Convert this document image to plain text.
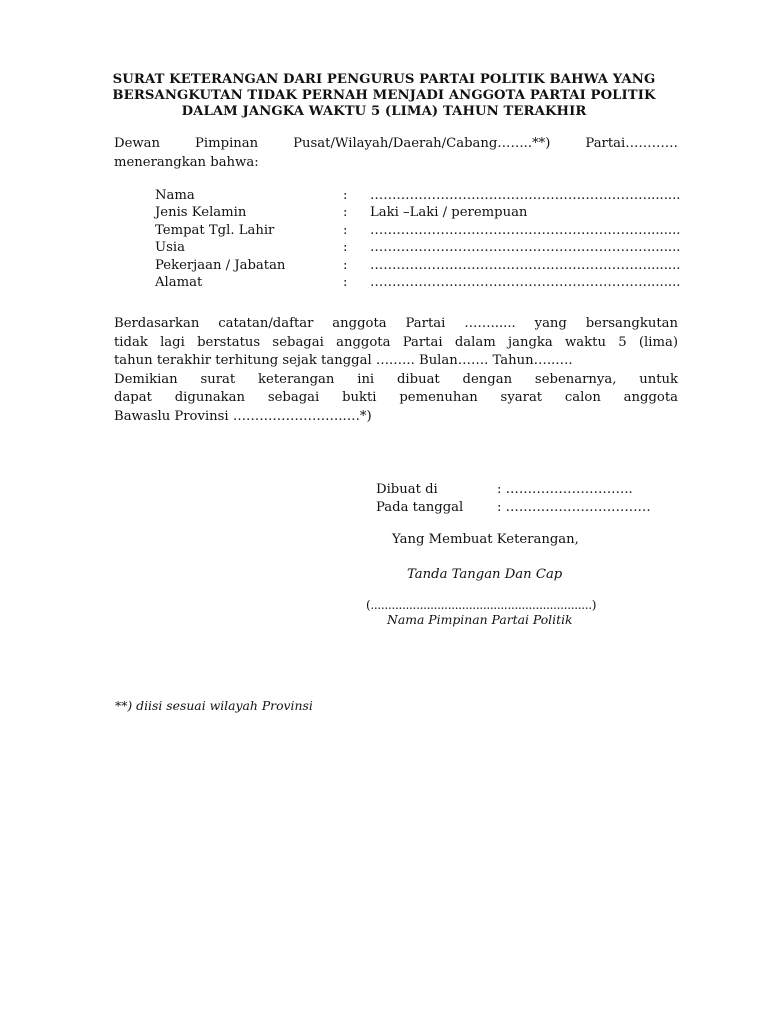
SURAT KETERANGAN DARI PENGURUS PARTAI POLITIK BAHWA YANG
BERSANGKUTAN TIDAK PERNAH MENJADI ANGGOTA PARTAI POLITIK
DALAM JANGKA WAKTU 5 (LIMA) TAHUN TERAKHIR
Dewan Pimpinan Pusat/Wilayah/Daerah/Cabang……..**) Partai…………
menerangkan bahwa:
Nama	: ………………………………………………………........
Jenis Kelamin	: Laki –Laki / perempuan
Tempat Tgl. Lahir	: ………………………………………………………........
Usia	: ………………………………………………………........
Pekerjaan / Jabatan	: ………………………………………………………........
Alamat	: ………………………………………………………........
Berdasarkan catatan/daftar anggota Partai ……...... yang bersangkutan
tidak lagi berstatus sebagai anggota Partai dalam jangka waktu 5 (lima)
tahun terakhir terhitung sejak tanggal ….….. Bulan……. Tahun…..….
Demikian surat keterangan ini dibuat dengan sebenarnya, untuk
dapat digunakan sebagai bukti pemenuhan syarat calon anggota
Bawaslu Provinsi ……………………..…*)
Dibuat di	: ………………………..
Pada tanggal	: ……………………………
Yang Membuat Keterangan,
Tanda Tangan Dan Cap
(...............................................................)
Nama Pimpinan Partai Politik
**) diisi sesuai wilayah Provinsi
